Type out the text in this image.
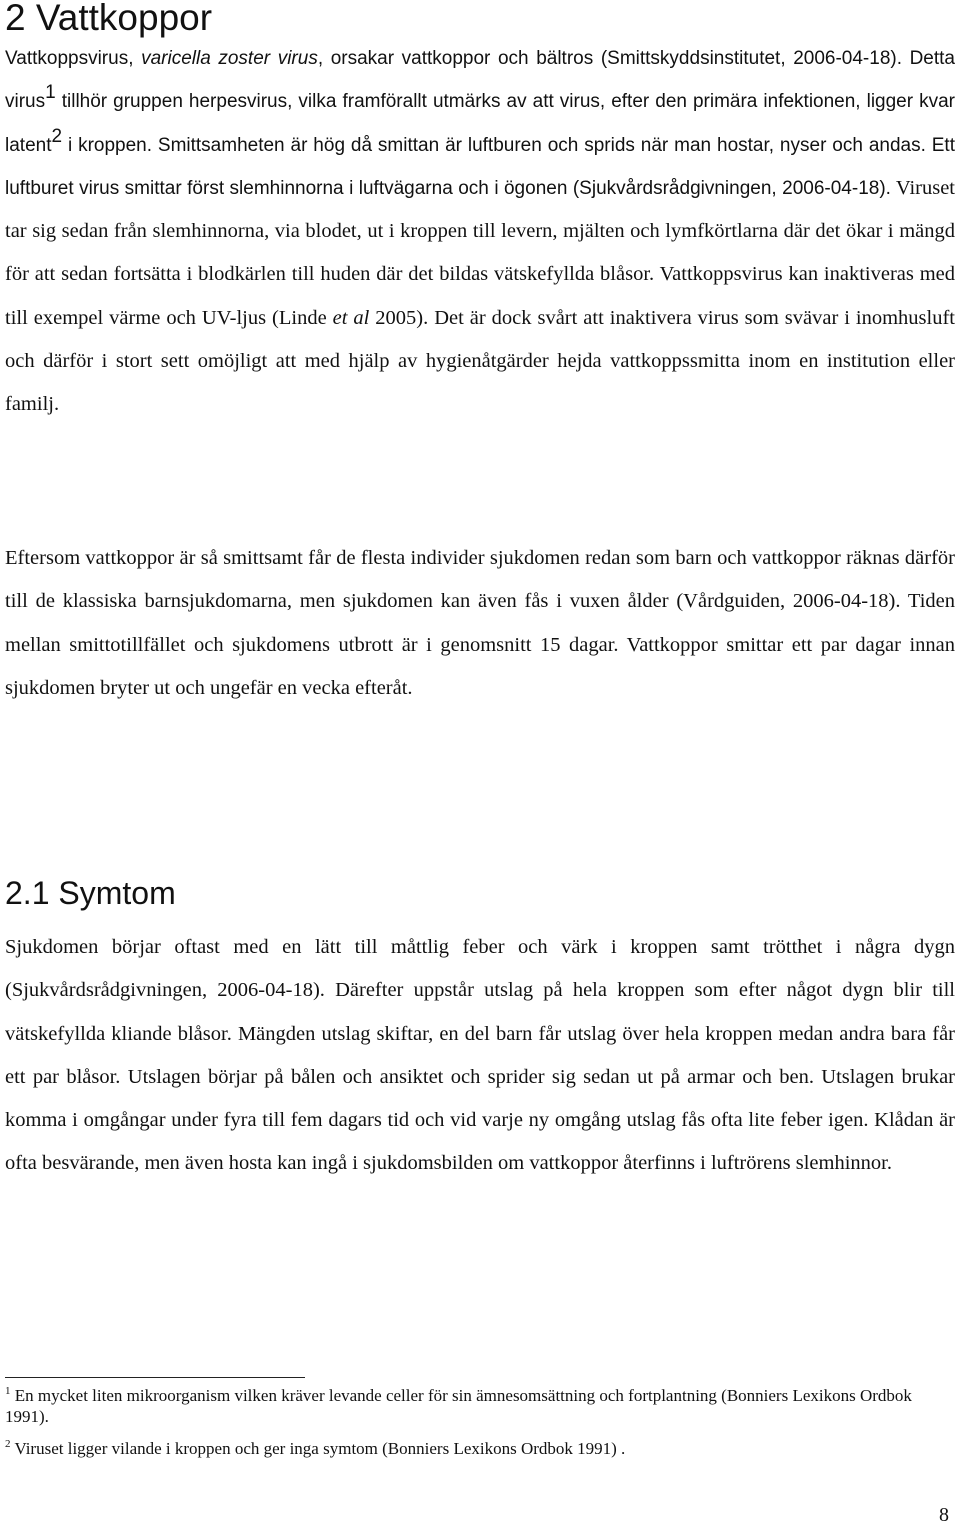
2 Vattkoppor

Vattkoppsvirus, varicella zoster virus, orsakar vattkoppor och bältros (Smittskyddsinstitutet, 2006-04-18). Detta virus$^1$ tillhör gruppen herpesvirus, vilka framförallt utmärks av att virus, efter den primära infektionen, ligger kvar latent$^2$ i kroppen. Smittsamheten är hög då smittan är luftburen och sprids när man hostar, nyser och andas. Ett luftburet virus smittar först slemhinnorna i luftvägarna och i ögonen (Sjukvårdsrådgivningen, 2006-04-18). Viruset tar sig sedan från slemhinnorna, via blodet, ut i kroppen till levern, mjälten och lymfkörtlarna där det ökar i mängd för att sedan fortsätta i blodkärlen till huden där det bildas vätskefyllda blåsor. Vattkoppsvirus kan inaktiveras med till exempel värme och UV-ljus (Linde et al 2005). Det är dock svårt att inaktivera virus som svävar i inomhusluft och därför i stort sett omöjligt att med hjälp av hygienåtgärder hejda vattkoppssmitta inom en institution eller familj.

Eftersom vattkoppor är så smittsamt får de flesta individer sjukdomen redan som barn och vattkoppor räknas därför till de klassiska barnsjukdomarna, men sjukdomen kan även fås i vuxen ålder (Vårdguiden, 2006-04-18). Tiden mellan smittotillfället och sjukdomens utbrott är i genomsnitt 15 dagar. Vattkoppor smittar ett par dagar innan sjukdomen bryter ut och ungefär en vecka efteråt.

2.1 Symtom

Sjukdomen börjar oftast med en lätt till måttlig feber och värk i kroppen samt trötthet i några dygn (Sjukvårdsrådgivningen, 2006-04-18). Därefter uppstår utslag på hela kroppen som efter något dygn blir till vätskefyllda kliande blåsor. Mängden utslag skiftar, en del barn får utslag över hela kroppen medan andra bara får ett par blåsor. Utslagen börjar på bålen och ansiktet och sprider sig sedan ut på armar och ben. Utslagen brukar komma i omgångar under fyra till fem dagars tid och vid varje ny omgång utslag fås ofta lite feber igen. Klådan är ofta besvärande, men även hosta kan ingå i sjukdomsbilden om vattkoppor återfinns i luftrörens slemhinnor.

$^1$ En mycket liten mikroorganism vilken kräver levande celler för sin ämnesomsättning och fortplantning (Bonniers Lexikons Ordbok 1991).

$^2$ Viruset ligger vilande i kroppen och ger inga symtom (Bonniers Lexikons Ordbok 1991) .

8
